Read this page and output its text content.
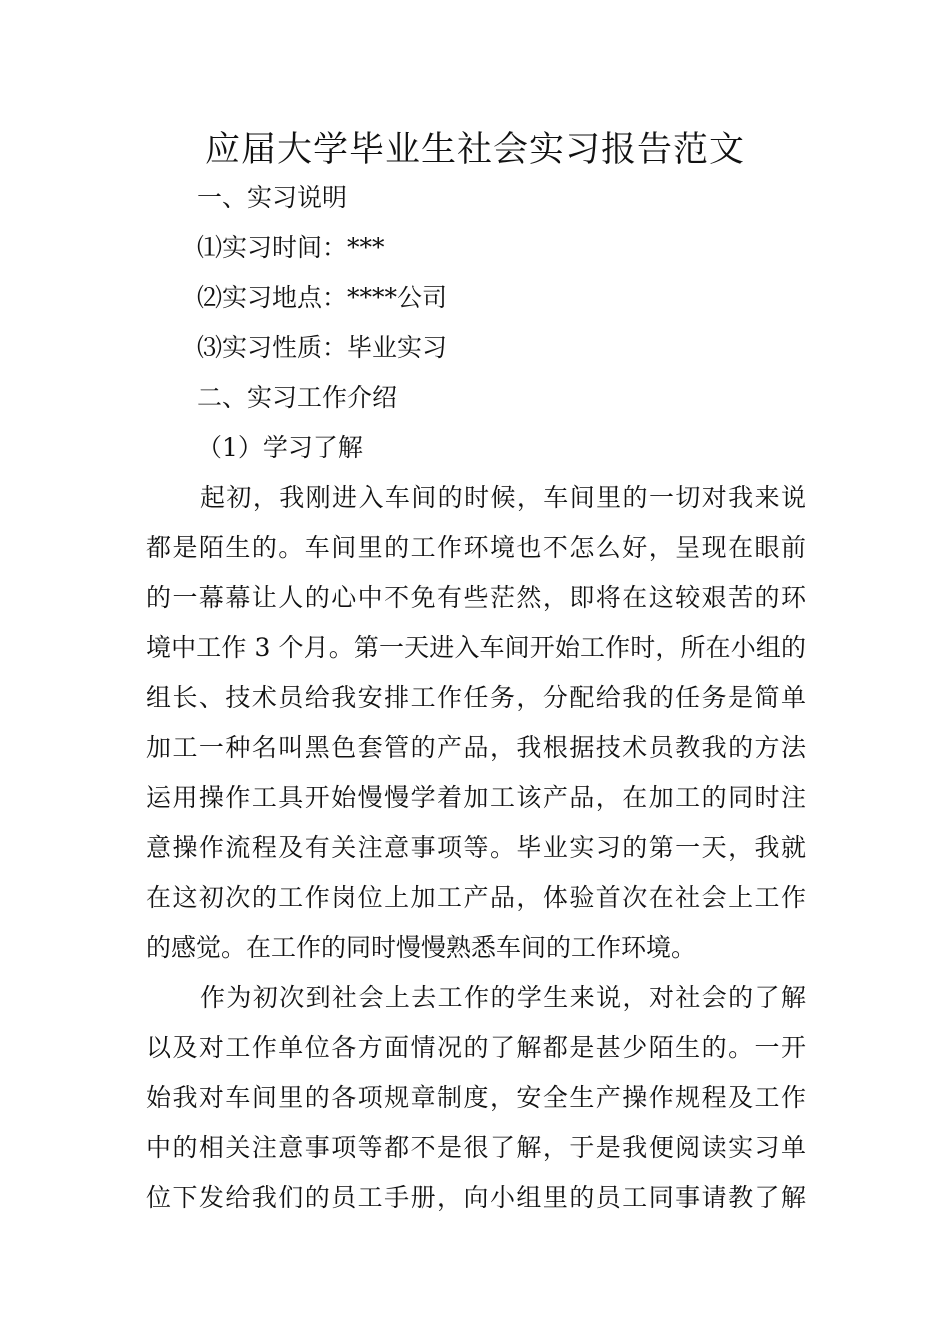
应届大学毕业生社会实习报告范文

一、实习说明

⑴实习时间：***

⑵实习地点：****公司

⑶实习性质：毕业实习

二、实习工作介绍

（1）学习了解

起初，我刚进入车间的时候，车间里的一切对我来说

都是陌生的。车间里的工作环境也不怎么好，呈现在眼前

的一幕幕让人的心中不免有些茫然，即将在这较艰苦的环

境中工作 3 个月。第一天进入车间开始工作时，所在小组的

组长、技术员给我安排工作任务，分配给我的任务是简单

加工一种名叫黑色套管的产品，我根据技术员教我的方法

运用操作工具开始慢慢学着加工该产品，在加工的同时注

意操作流程及有关注意事项等。毕业实习的第一天，我就

在这初次的工作岗位上加工产品，体验首次在社会上工作

的感觉。在工作的同时慢慢熟悉车间的工作环境。

作为初次到社会上去工作的学生来说，对社会的了解

以及对工作单位各方面情况的了解都是甚少陌生的。一开

始我对车间里的各项规章制度，安全生产操作规程及工作

中的相关注意事项等都不是很了解，于是我便阅读实习单

位下发给我们的员工手册，向小组里的员工同事请教了解
